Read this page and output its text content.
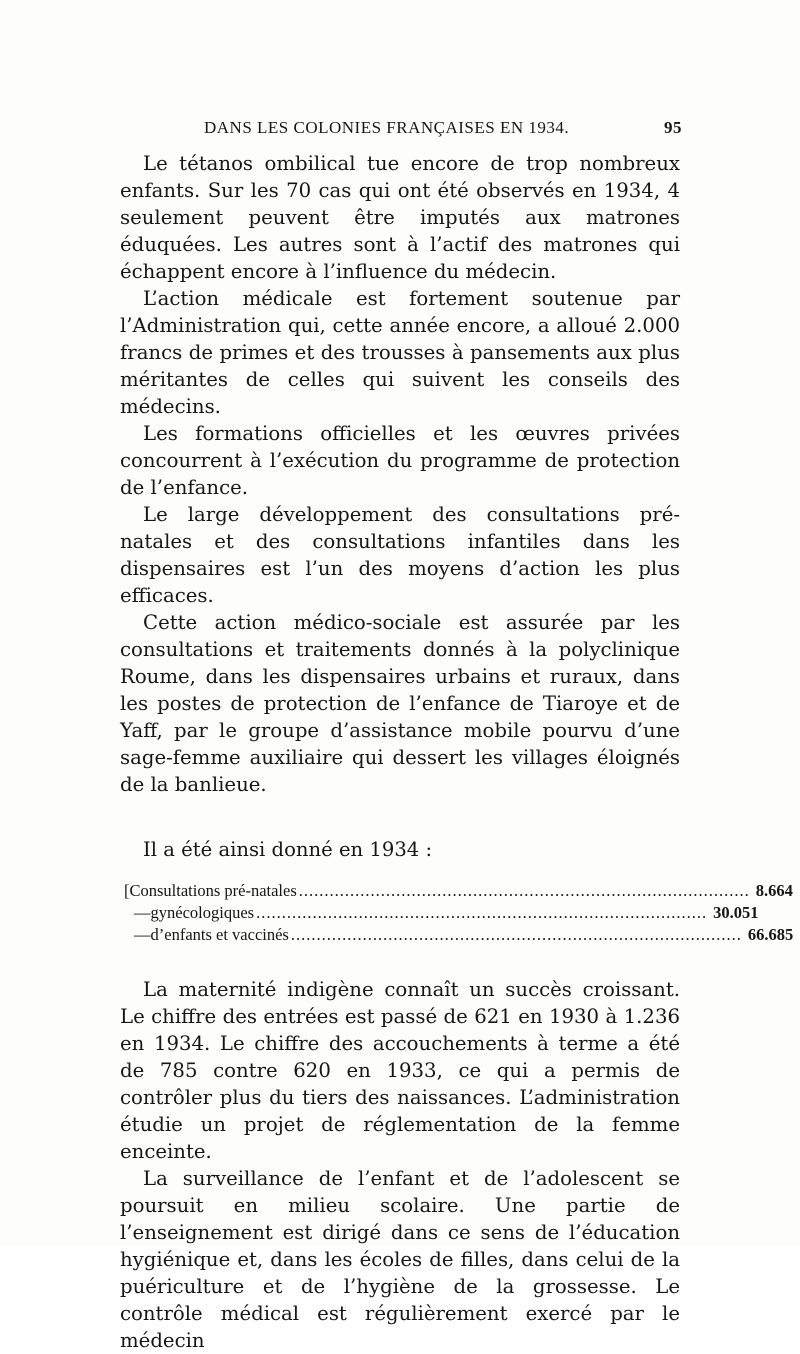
DANS LES COLONIES FRANÇAISES EN 1934.	95

Le tétanos ombilical tue encore de trop nombreux enfants. Sur les 70 cas qui ont été observés en 1934, 4 seulement peuvent être imputés aux matrones éduquées. Les autres sont à l’actif des matrones qui échappent encore à l’influence du médecin.

L’action médicale est fortement soutenue par l’Administration qui, cette année encore, a alloué 2.000 francs de primes et des trousses à pansements aux plus méritantes de celles qui suivent les conseils des médecins.

Les formations officielles et les œuvres privées concourrent à l’exécution du programme de protection de l’enfance.

Le large développement des consultations pré-natales et des consultations infantiles dans les dispensaires est l’un des moyens d’action les plus efficaces.

Cette action médico-sociale est assurée par les consultations et traitements donnés à la polyclinique Roume, dans les dispensaires urbains et ruraux, dans les postes de protection de l’enfance de Tiaroye et de Yaff, par le groupe d’assistance mobile pourvu d’une sage-femme auxiliaire qui dessert les villages éloignés de la banlieue.

Il a été ainsi donné en 1934 :

[ Consultations pré-natales ........................................................................................ 8.664
— gynécologiques ........................................................................................ 30.051
— d’enfants et vaccinés ........................................................................................ 66.685

La maternité indigène connaît un succès croissant. Le chiffre des entrées est passé de 621 en 1930 à 1.236 en 1934. Le chiffre des accouchements à terme a été de 785 contre 620 en 1933, ce qui a permis de contrôler plus du tiers des naissances. L’administration étudie un projet de réglementation de la femme enceinte.

La surveillance de l’enfant et de l’adolescent se poursuit en milieu scolaire. Une partie de l’enseignement est dirigé dans ce sens de l’éducation hygiénique et, dans les écoles de filles, dans celui de la puériculture et de l’hygiène de la grossesse. Le contrôle médical est régulièrement exercé par le médecin
